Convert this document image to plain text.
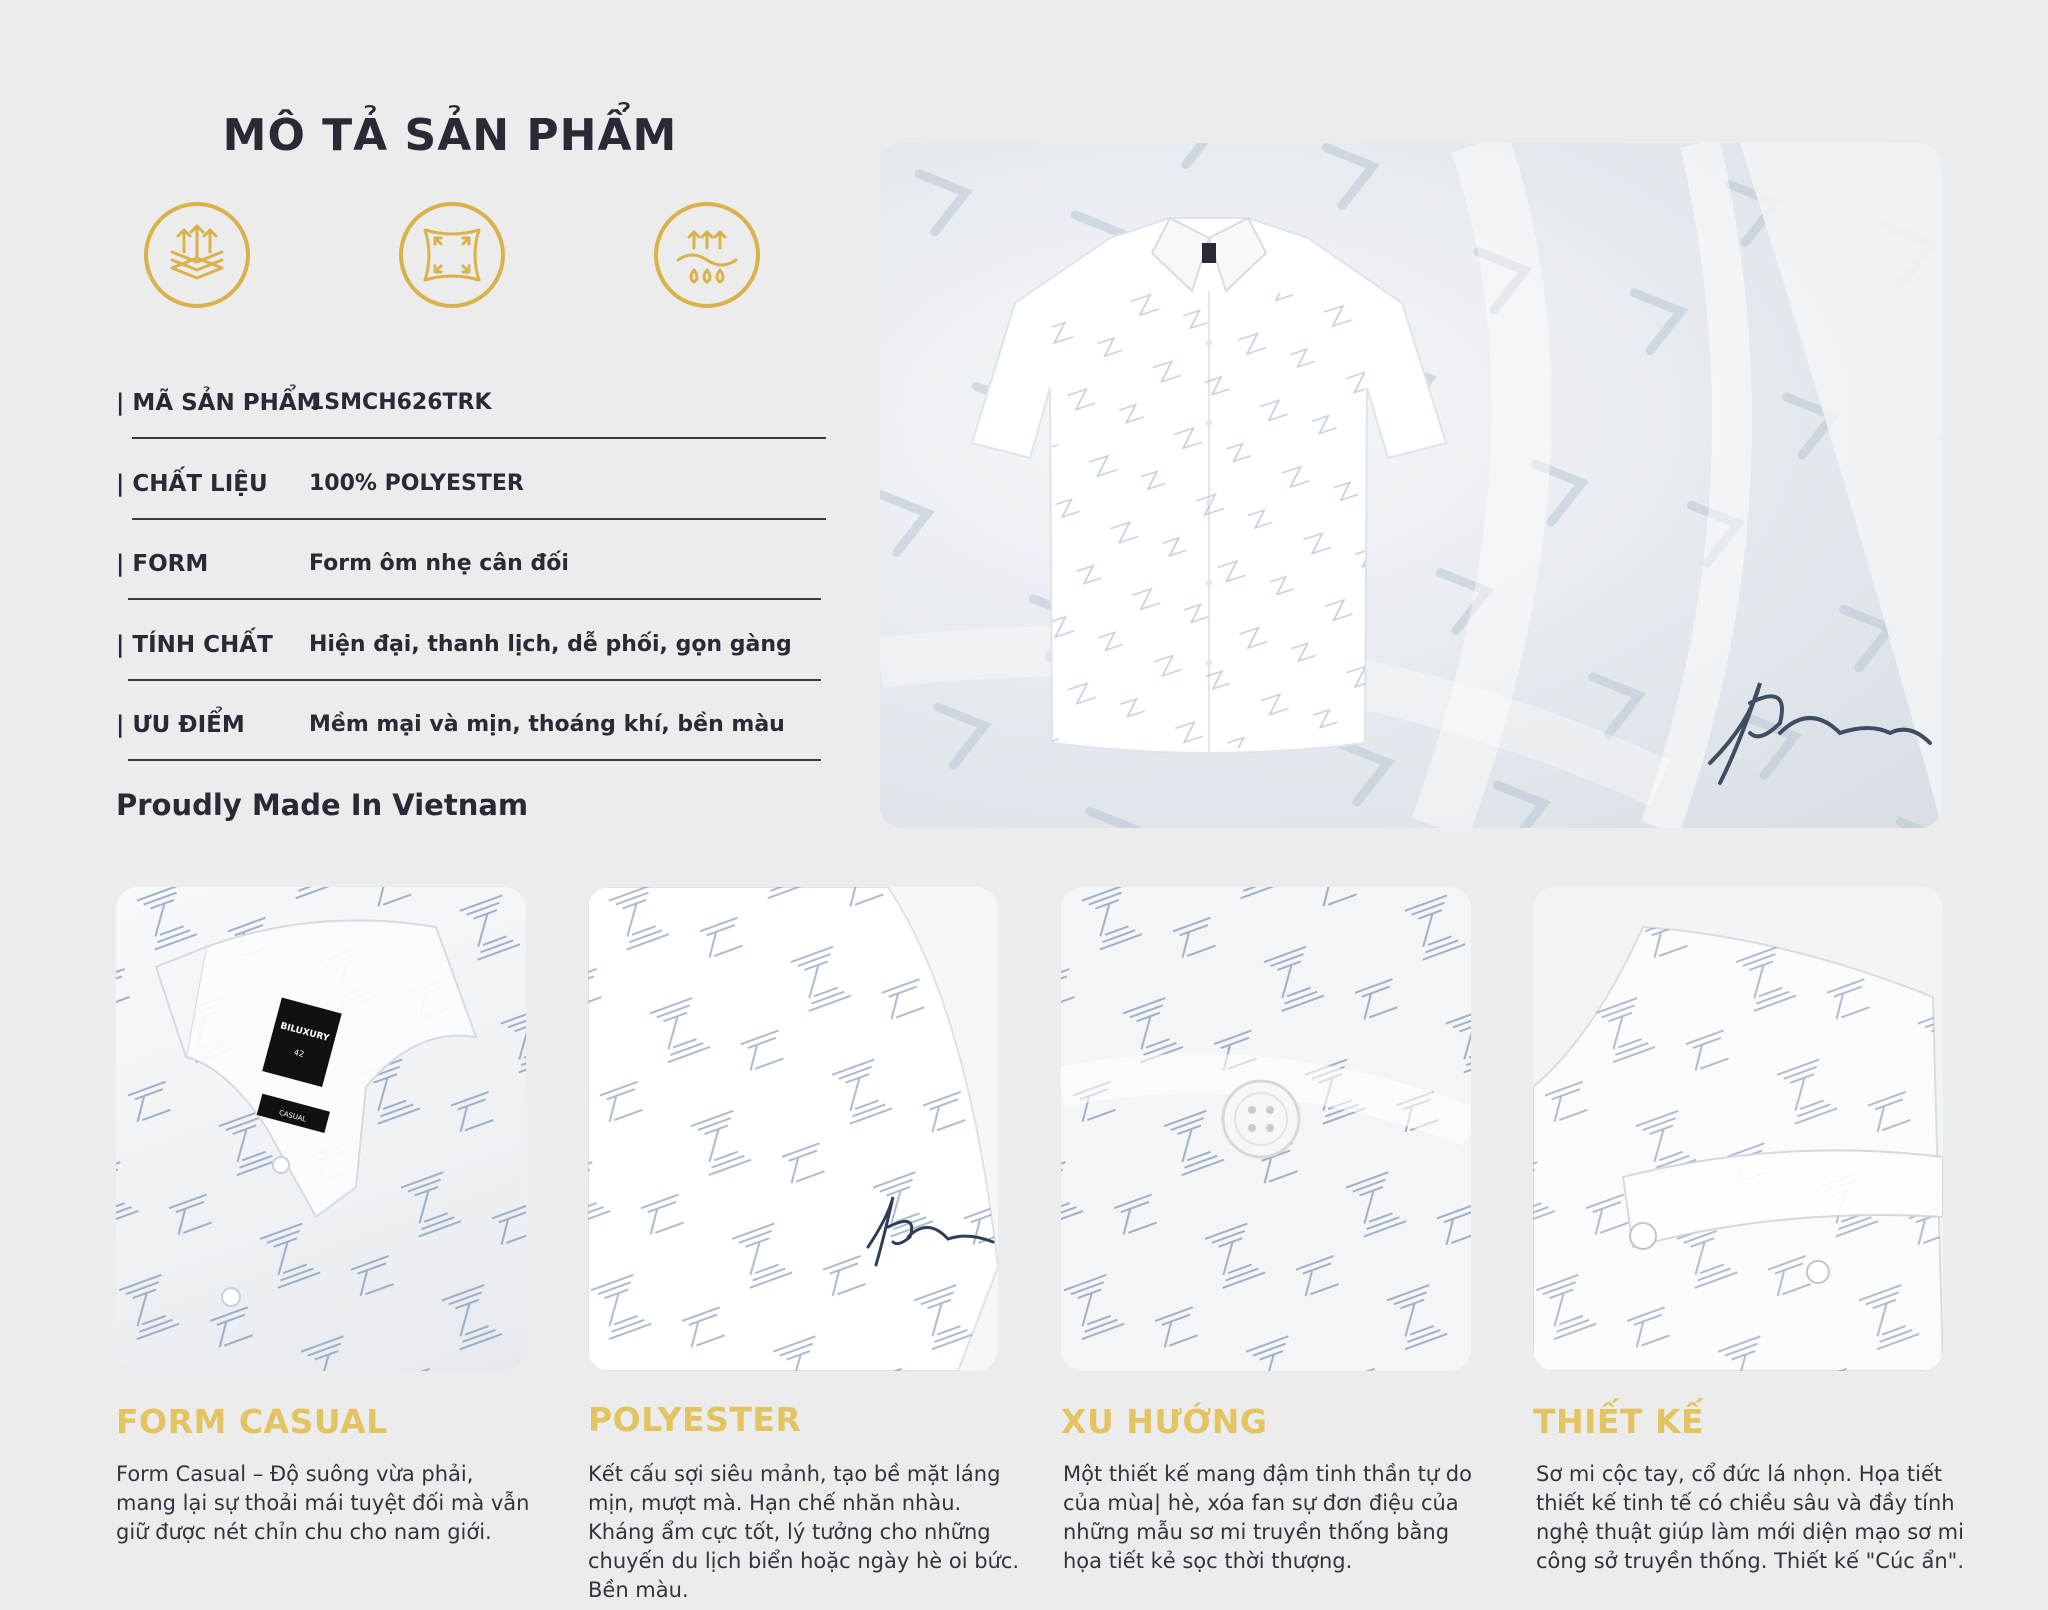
MÔ TẢ SẢN PHẨM
| MÃ SẢN PHẨM
1SMCH626TRK
| CHẤT LIỆU 100% POLYESTER
| FORM	Form ôm nhẹ cân đối
| TÍNH CHẤT Hiện đại, thanh lịch, dễ phối, gọn gàng
| ƯU ĐIỂM	Mềm mại và mịn, thoáng khí, bền màu
Proudly Made In Vietnam
BILUXURY
42
CASUAL
FORM CASUAL
Form Casual – Độ suông vừa phải, mang lại sự thoải mái tuyệt đối mà vẫn giữ được nét chỉn chu cho nam giới.
POLYESTER
Kết cấu sợi siêu mảnh, tạo bề mặt láng mịn, mượt mà. Hạn chế nhăn nhàu. Kháng ẩm cực tốt, lý tưởng cho những chuyến du lịch biển hoặc ngày hè oi bức. Bền màu.
XU HƯỚNG
Một thiết kế mang đậm tinh thần tự do của mùa| hè, xóa fan sự đơn điệu của những mẫu sơ mi truyền thống bằng họa tiết kẻ sọc thời thượng.
THIẾT KẾ
Sơ mi cộc tay, cổ đức lá nhọn. Họa tiết thiết kế tinh tế có chiều sâu và đầy tính nghệ thuật giúp làm mới diện mạo sơ mi công sở truyền thống. Thiết kế "Cúc ẩn".
